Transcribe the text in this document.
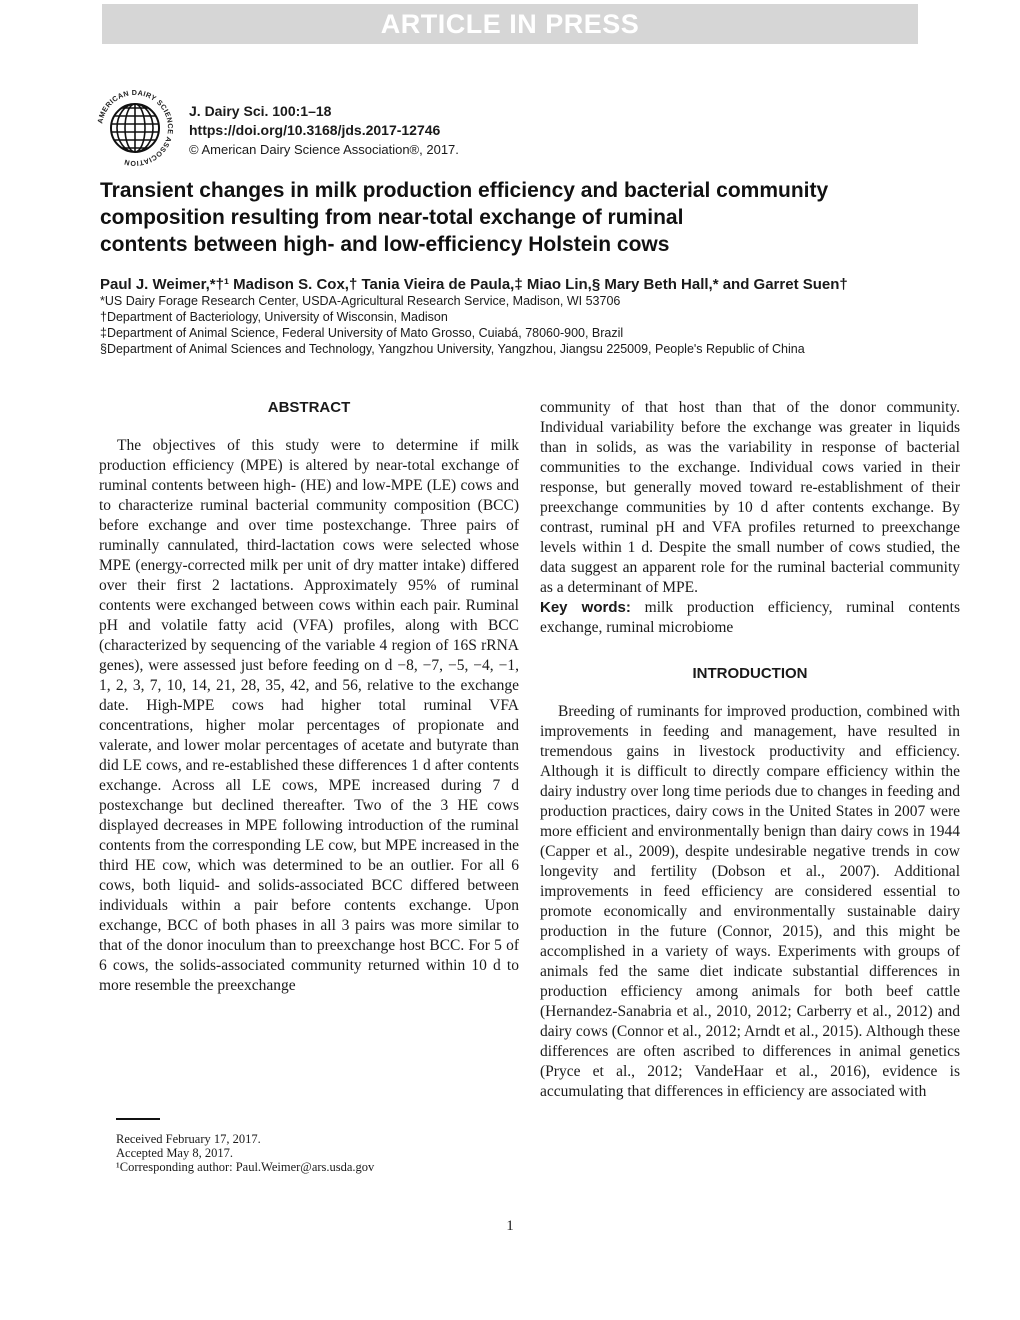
ARTICLE IN PRESS
AMERICAN DAIRY SCIENCE ASSOCIATION
J. Dairy Sci. 100:1–18
https://doi.org/10.3168/jds.2017-12746
© American Dairy Science Association®, 2017.
Transient changes in milk production efficiency and bacterial community
composition resulting from near-total exchange of ruminal
contents between high- and low-efficiency Holstein cows
Paul J. Weimer,*†¹ Madison S. Cox,† Tania Vieira de Paula,‡ Miao Lin,§ Mary Beth Hall,* and Garret Suen†
*US Dairy Forage Research Center, USDA-Agricultural Research Service, Madison, WI 53706
†Department of Bacteriology, University of Wisconsin, Madison
‡Department of Animal Science, Federal University of Mato Grosso, Cuiabá, 78060-900, Brazil
§Department of Animal Sciences and Technology, Yangzhou University, Yangzhou, Jiangsu 225009, People's Republic of China
ABSTRACT

The objectives of this study were to determine if milk production efficiency (MPE) is altered by near-total exchange of ruminal contents between high- (HE) and low-MPE (LE) cows and to characterize ruminal bacterial community composition (BCC) before exchange and over time postexchange. Three pairs of ruminally cannulated, third-lactation cows were selected whose MPE (energy-corrected milk per unit of dry matter intake) differed over their first 2 lactations. Approximately 95% of ruminal contents were exchanged between cows within each pair. Ruminal pH and volatile fatty acid (VFA) profiles, along with BCC (characterized by sequencing of the variable 4 region of 16S rRNA genes), were assessed just before feeding on d −8, −7, −5, −4, −1, 1, 2, 3, 7, 10, 14, 21, 28, 35, 42, and 56, relative to the exchange date. High-MPE cows had higher total ruminal VFA concentrations, higher molar percentages of propionate and valerate, and lower molar percentages of acetate and butyrate than did LE cows, and re-established these differences 1 d after contents exchange. Across all LE cows, MPE increased during 7 d postexchange but declined thereafter. Two of the 3 HE cows displayed decreases in MPE following introduction of the ruminal contents from the corresponding LE cow, but MPE increased in the third HE cow, which was determined to be an outlier. For all 6 cows, both liquid- and solids-associated BCC differed between individuals within a pair before contents exchange. Upon exchange, BCC of both phases in all 3 pairs was more similar to that of the donor inoculum than to preexchange host BCC. For 5 of 6 cows, the solids-associated community returned within 10 d to more resemble the preexchange

community of that host than that of the donor community. Individual variability before the exchange was greater in liquids than in solids, as was the variability in response of bacterial communities to the exchange. Individual cows varied in their response, but generally moved toward re-establishment of their preexchange communities by 10 d after contents exchange. By contrast, ruminal pH and VFA profiles returned to preexchange levels within 1 d. Despite the small number of cows studied, the data suggest an apparent role for the ruminal bacterial community as a determinant of MPE.

Key words: milk production efficiency, ruminal contents exchange, ruminal microbiome

INTRODUCTION

Breeding of ruminants for improved production, combined with improvements in feeding and management, have resulted in tremendous gains in livestock productivity and efficiency. Although it is difficult to directly compare efficiency within the dairy industry over long time periods due to changes in feeding and production practices, dairy cows in the United States in 2007 were more efficient and environmentally benign than dairy cows in 1944 (Capper et al., 2009), despite undesirable negative trends in cow longevity and fertility (Dobson et al., 2007). Additional improvements in feed efficiency are considered essential to promote economically and environmentally sustainable dairy production in the future (Connor, 2015), and this might be accomplished in a variety of ways. Experiments with groups of animals fed the same diet indicate substantial differences in production efficiency among animals for both beef cattle (Hernandez-Sanabria et al., 2010, 2012; Carberry et al., 2012) and dairy cows (Connor et al., 2012; Arndt et al., 2015). Although these differences are often ascribed to differences in animal genetics (Pryce et al., 2012; VandeHaar et al., 2016), evidence is accumulating that differences in efficiency are associated with

Received February 17, 2017.
Accepted May 8, 2017.
¹Corresponding author: Paul.Weimer@ars.usda.gov
1
